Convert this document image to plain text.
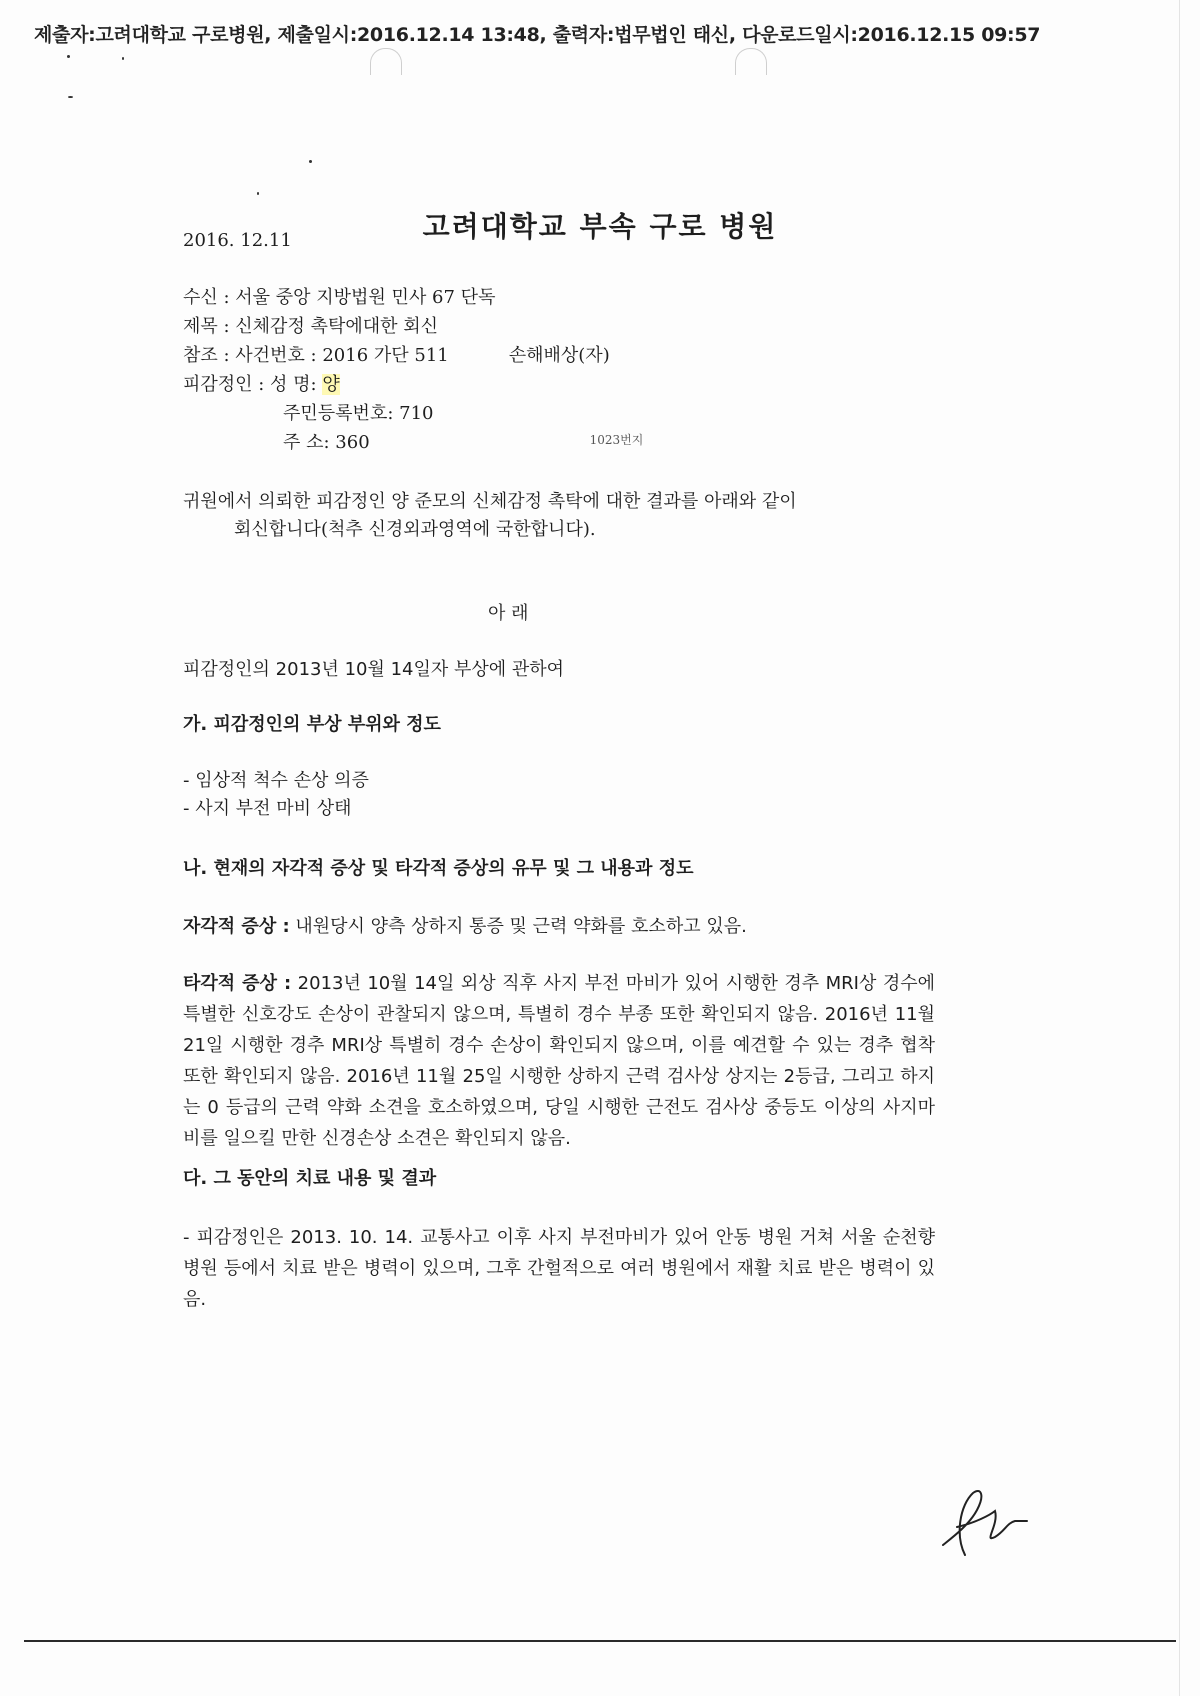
제출자:고려대학교 구로병원, 제출일시:2016.12.14 13:48, 출력자:법무법인 태신, 다운로드일시:2016.12.15 09:57
고려대학교 부속 구로 병원
2016. 12.11
수신 : 서울 중앙 지방법원 민사 67 단독
제목 : 신체감정 촉탁에대한 회신
참조 : 사건번호 : 2016 가단 511	손해배상(자)
피감정인 : 성 명: 양
주민등록번호: 710
주 소: 360	$^{1023번지}$
귀원에서 의뢰한 피감정인 양 준모의 신체감정 촉탁에 대한 결과를 아래와 같이
회신합니다(척추 신경외과영역에 국한합니다).
아 래
피감정인의 2013년 10월 14일자 부상에 관하여
가. 피감정인의 부상 부위와 정도
- 임상적 척수 손상 의증
- 사지 부전 마비 상태
나. 현재의 자각적 증상 및 타각적 증상의 유무 및 그 내용과 정도
자각적 증상 : 내원당시 양측 상하지 통증 및 근력 약화를 호소하고 있음.
타각적 증상 : 2013년 10월 14일 외상 직후 사지 부전 마비가 있어 시행한 경추 MRI상 경수에 특별한 신호강도 손상이 관찰되지 않으며, 특별히 경수 부종 또한 확인되지 않음. 2016년 11월 21일 시행한 경추 MRI상 특별히 경수 손상이 확인되지 않으며, 이를 예견할 수 있는 경추 협착 또한 확인되지 않음. 2016년 11월 25일 시행한 상하지 근력 검사상 상지는 2등급, 그리고 하지는 0 등급의 근력 약화 소견을 호소하였으며, 당일 시행한 근전도 검사상 중등도 이상의 사지마비를 일으킬 만한 신경손상 소견은 확인되지 않음.
다. 그 동안의 치료 내용 및 결과
- 피감정인은 2013. 10. 14. 교통사고 이후 사지 부전마비가 있어 안동 병원 거쳐 서울 순천향 병원 등에서 치료 받은 병력이 있으며, 그후 간헐적으로 여러 병원에서 재활 치료 받은 병력이 있음.
